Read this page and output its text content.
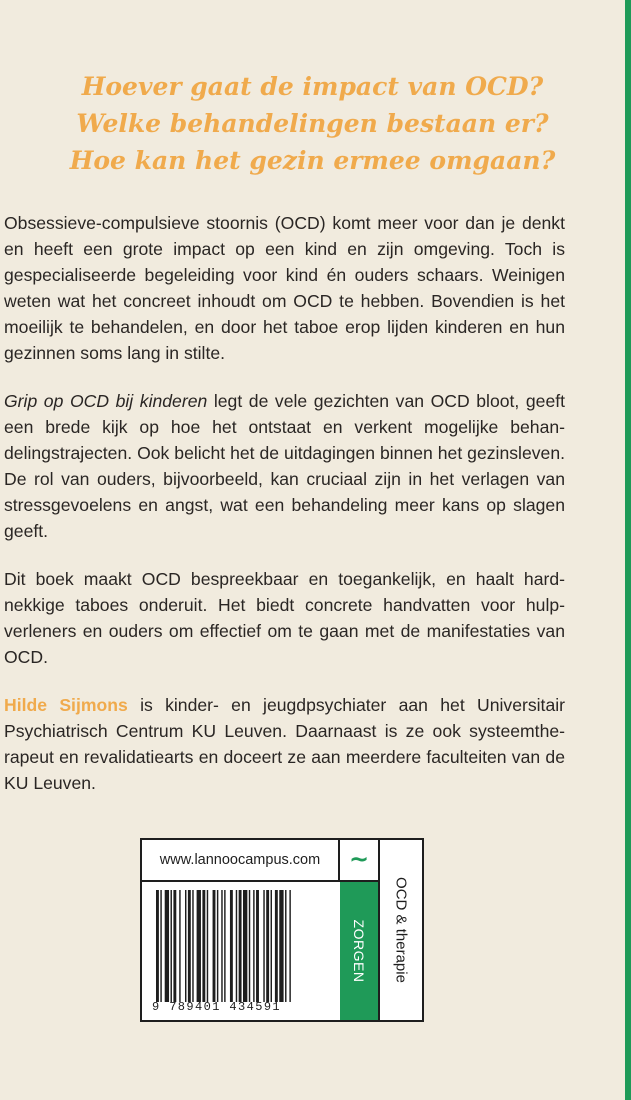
Hoever gaat de impact van OCD?
Welke behandelingen bestaan er?
Hoe kan het gezin ermee omgaan?

Obsessieve-compulsieve stoornis (OCD) komt meer voor dan je denkt en heeft een grote impact op een kind en zijn omgeving. Toch is gespecialiseerde begeleiding voor kind én ouders schaars. Weinigen weten wat het concreet inhoudt om OCD te hebben. Bovendien is het moeilijk te behandelen, en door het taboe erop lijden kinderen en hun gezinnen soms lang in stilte.

Grip op OCD bij kinderen legt de vele gezichten van OCD bloot, geeft een brede kijk op hoe het ontstaat en verkent mogelijke behandelingstrajecten. Ook belicht het de uitdagingen binnen het gezinsleven. De rol van ouders, bijvoorbeeld, kan cruciaal zijn in het verlagen van stressgevoelens en angst, wat een behandeling meer kans op slagen geeft.

Dit boek maakt OCD bespreekbaar en toegankelijk, en haalt hardnekkige taboes onderuit. Het biedt concrete handvatten voor hulpverleners en ouders om effectief om te gaan met de manifestaties van OCD.

Hilde Sijmons is kinder- en jeugdpsychiater aan het Universitair Psychiatrisch Centrum KU Leuven. Daarnaast is ze ook systeemtherapeut en revalidatiearts en doceert ze aan meerdere faculteiten van de KU Leuven.

www.lannoocampus.com	~
ZORGEN OCD & therapie
9 789401 434591
